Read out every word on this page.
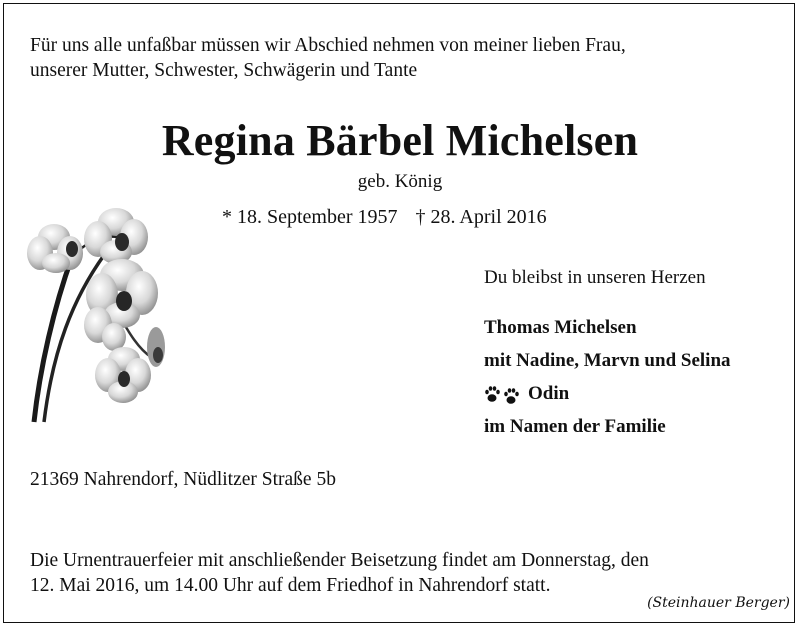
Für uns alle unfaßbar müssen wir Abschied nehmen von meiner lieben Frau,
unserer Mutter, Schwester, Schwägerin und Tante
Regina Bärbel Michelsen
geb. König
* 18. September 1957 † 28. April 2016
Du bleibst in unseren Herzen
Thomas Michelsen
mit Nadine, Marvn und Selina
Odin
im Namen der Familie
21369 Nahrendorf, Nüdlitzer Straße 5b
Die Urnentrauerfeier mit anschließender Beisetzung findet am Donnerstag, den
12. Mai 2016, um 14.00 Uhr auf dem Friedhof in Nahrendorf statt.
(Steinhauer Berger)
